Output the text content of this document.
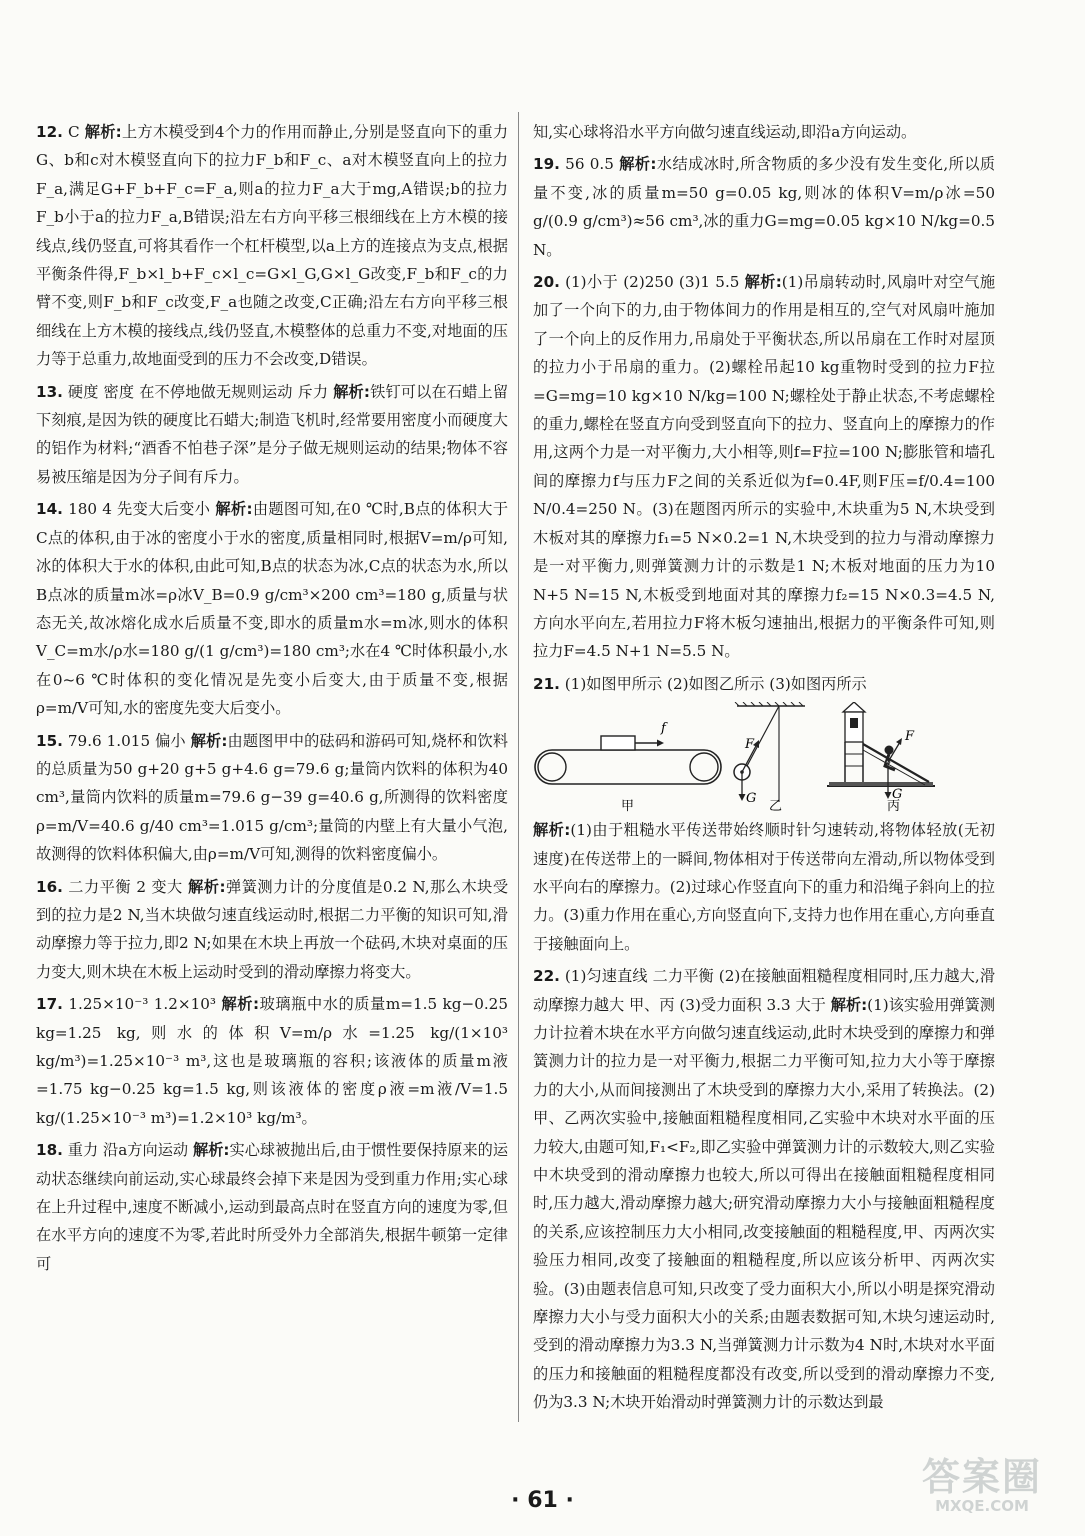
12. C 解析:上方木模受到4个力的作用而静止,分别是竖直向下的重力G、b和c对木模竖直向下的拉力F_b和F_c、a对木模竖直向上的拉力F_a,满足G+F_b+F_c=F_a,则a的拉力F_a大于mg,A错误;b的拉力F_b小于a的拉力F_a,B错误;沿左右方向平移三根细线在上方木模的接线点,线仍竖直,可将其看作一个杠杆模型,以a上方的连接点为支点,根据平衡条件得,F_b×l_b+F_c×l_c=G×l_G,G×l_G改变,F_b和F_c的力臂不变,则F_b和F_c改变,F_a也随之改变,C正确;沿左右方向平移三根细线在上方木模的接线点,线仍竖直,木模整体的总重力不变,对地面的压力等于总重力,故地面受到的压力不会改变,D错误。

13. 硬度 密度 在不停地做无规则运动 斥力 解析:铁钉可以在石蜡上留下刻痕,是因为铁的硬度比石蜡大;制造飞机时,经常要用密度小而硬度大的铝作为材料;“酒香不怕巷子深”是分子做无规则运动的结果;物体不容易被压缩是因为分子间有斥力。

14. 180 4 先变大后变小 解析:由题图可知,在0 ℃时,B点的体积大于C点的体积,由于冰的密度小于水的密度,质量相同时,根据V=m/ρ可知,冰的体积大于水的体积,由此可知,B点的状态为冰,C点的状态为水,所以B点冰的质量m冰=ρ冰V_B=0.9 g/cm³×200 cm³=180 g,质量与状态无关,故冰熔化成水后质量不变,即水的质量m水=m冰,则水的体积V_C=m水/ρ水=180 g/(1 g/cm³)=180 cm³;水在4 ℃时体积最小,水在0~6 ℃时体积的变化情况是先变小后变大,由于质量不变,根据ρ=m/V可知,水的密度先变大后变小。

15. 79.6 1.015 偏小 解析:由题图甲中的砝码和游码可知,烧杯和饮料的总质量为50 g+20 g+5 g+4.6 g=79.6 g;量筒内饮料的体积为40 cm³,量筒内饮料的质量m=79.6 g−39 g=40.6 g,所测得的饮料密度ρ=m/V=40.6 g/40 cm³=1.015 g/cm³;量筒的内壁上有大量小气泡,故测得的饮料体积偏大,由ρ=m/V可知,测得的饮料密度偏小。

16. 二力平衡 2 变大 解析:弹簧测力计的分度值是0.2 N,那么木块受到的拉力是2 N,当木块做匀速直线运动时,根据二力平衡的知识可知,滑动摩擦力等于拉力,即2 N;如果在木块上再放一个砝码,木块对桌面的压力变大,则木块在木板上运动时受到的滑动摩擦力将变大。

17. 1.25×10⁻³ 1.2×10³ 解析:玻璃瓶中水的质量m=1.5 kg−0.25 kg=1.25 kg,则水的体积V=m/ρ水=1.25 kg/(1×10³ kg/m³)=1.25×10⁻³ m³,这也是玻璃瓶的容积;该液体的质量m液=1.75 kg−0.25 kg=1.5 kg,则该液体的密度ρ液=m液/V=1.5 kg/(1.25×10⁻³ m³)=1.2×10³ kg/m³。

18. 重力 沿a方向运动 解析:实心球被抛出后,由于惯性要保持原来的运动状态继续向前运动,实心球最终会掉下来是因为受到重力作用;实心球在上升过程中,速度不断减小,运动到最高点时在竖直方向的速度为零,但在水平方向的速度不为零,若此时所受外力全部消失,根据牛顿第一定律可

知,实心球将沿水平方向做匀速直线运动,即沿a方向运动。

19. 56 0.5 解析:水结成冰时,所含物质的多少没有发生变化,所以质量不变,冰的质量m=50 g=0.05 kg,则冰的体积V=m/ρ冰=50 g/(0.9 g/cm³)≈56 cm³,冰的重力G=mg=0.05 kg×10 N/kg=0.5 N。

20. (1)小于 (2)250 (3)1 5.5 解析:(1)吊扇转动时,风扇叶对空气施加了一个向下的力,由于物体间力的作用是相互的,空气对风扇叶施加了一个向上的反作用力,吊扇处于平衡状态,所以吊扇在工作时对屋顶的拉力小于吊扇的重力。(2)螺栓吊起10 kg重物时受到的拉力F拉=G=mg=10 kg×10 N/kg=100 N;螺栓处于静止状态,不考虑螺栓的重力,螺栓在竖直方向受到竖直向下的拉力、竖直向上的摩擦力的作用,这两个力是一对平衡力,大小相等,则f=F拉=100 N;膨胀管和墙孔间的摩擦力f与压力F之间的关系近似为f=0.4F,则F压=f/0.4=100 N/0.4=250 N。(3)在题图丙所示的实验中,木块重为5 N,木块受到木板对其的摩擦力f₁=5 N×0.2=1 N,木块受到的拉力与滑动摩擦力是一对平衡力,则弹簧测力计的示数是1 N;木板对地面的压力为10 N+5 N=15 N,木板受到地面对其的摩擦力f₂=15 N×0.3=4.5 N,方向水平向左,若用拉力F将木板匀速抽出,根据力的平衡条件可知,则拉力F=4.5 N+1 N=5.5 N。

21. (1)如图甲所示 (2)如图乙所示 (3)如图丙所示

f
甲
F
G
乙
F
G
丙

解析:(1)由于粗糙水平传送带始终顺时针匀速转动,将物体轻放(无初速度)在传送带上的一瞬间,物体相对于传送带向左滑动,所以物体受到水平向右的摩擦力。(2)过球心作竖直向下的重力和沿绳子斜向上的拉力。(3)重力作用在重心,方向竖直向下,支持力也作用在重心,方向垂直于接触面向上。

22. (1)匀速直线 二力平衡 (2)在接触面粗糙程度相同时,压力越大,滑动摩擦力越大 甲、丙 (3)受力面积 3.3 大于 解析:(1)该实验用弹簧测力计拉着木块在水平方向做匀速直线运动,此时木块受到的摩擦力和弹簧测力计的拉力是一对平衡力,根据二力平衡可知,拉力大小等于摩擦力的大小,从而间接测出了木块受到的摩擦力大小,采用了转换法。(2)甲、乙两次实验中,接触面粗糙程度相同,乙实验中木块对水平面的压力较大,由题可知,F₁<F₂,即乙实验中弹簧测力计的示数较大,则乙实验中木块受到的滑动摩擦力也较大,所以可得出在接触面粗糙程度相同时,压力越大,滑动摩擦力越大;研究滑动摩擦力大小与接触面粗糙程度的关系,应该控制压力大小相同,改变接触面的粗糙程度,甲、丙两次实验压力相同,改变了接触面的粗糙程度,所以应该分析甲、丙两次实验。(3)由题表信息可知,只改变了受力面积大小,所以小明是探究滑动摩擦力大小与受力面积大小的关系;由题表数据可知,木块匀速运动时,受到的滑动摩擦力为3.3 N,当弹簧测力计示数为4 N时,木块对水平面的压力和接触面的粗糙程度都没有改变,所以受到的滑动摩擦力不变,仍为3.3 N;木块开始滑动时弹簧测力计的示数达到最

· 61 ·
答案圈
MXQE.COM
